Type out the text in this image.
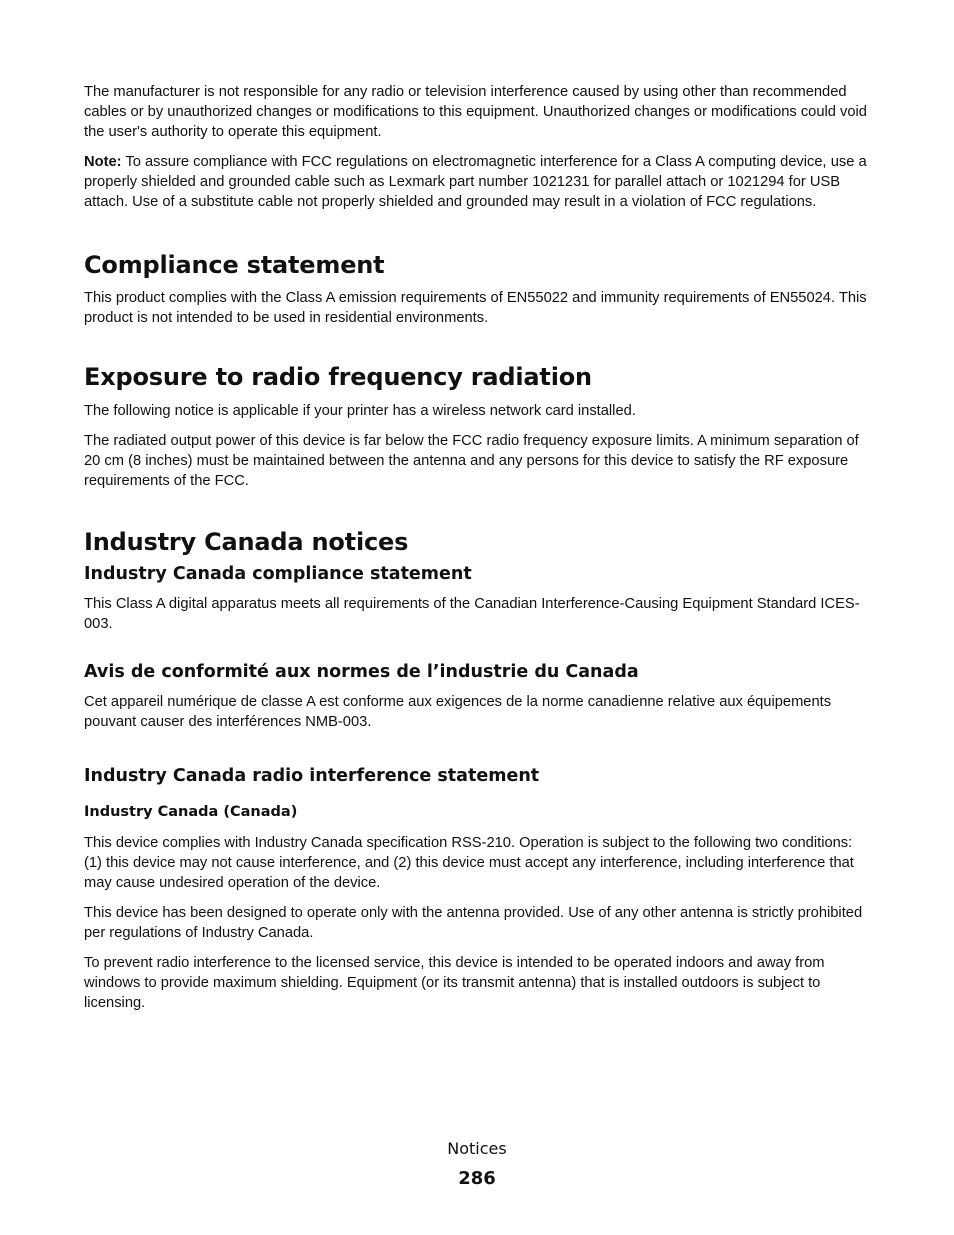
The manufacturer is not responsible for any radio or television interference caused by using other than recommended cables or by unauthorized changes or modifications to this equipment. Unauthorized changes or modifications could void the user's authority to operate this equipment.

Note: To assure compliance with FCC regulations on electromagnetic interference for a Class A computing device, use a properly shielded and grounded cable such as Lexmark part number 1021231 for parallel attach or 1021294 for USB attach. Use of a substitute cable not properly shielded and grounded may result in a violation of FCC regulations.

Compliance statement

This product complies with the Class A emission requirements of EN55022 and immunity requirements of EN55024. This product is not intended to be used in residential environments.

Exposure to radio frequency radiation

The following notice is applicable if your printer has a wireless network card installed.

The radiated output power of this device is far below the FCC radio frequency exposure limits. A minimum separation of 20 cm (8 inches) must be maintained between the antenna and any persons for this device to satisfy the RF exposure requirements of the FCC.

Industry Canada notices
Industry Canada compliance statement

This Class A digital apparatus meets all requirements of the Canadian Interference-Causing Equipment Standard ICES-003.

Avis de conformité aux normes de l’industrie du Canada

Cet appareil numérique de classe A est conforme aux exigences de la norme canadienne relative aux équipements pouvant causer des interférences NMB-003.

Industry Canada radio interference statement
Industry Canada (Canada)

This device complies with Industry Canada specification RSS-210. Operation is subject to the following two conditions: (1) this device may not cause interference, and (2) this device must accept any interference, including interference that may cause undesired operation of the device.

This device has been designed to operate only with the antenna provided. Use of any other antenna is strictly prohibited per regulations of Industry Canada.

To prevent radio interference to the licensed service, this device is intended to be operated indoors and away from windows to provide maximum shielding. Equipment (or its transmit antenna) that is installed outdoors is subject to licensing.

Notices
286
